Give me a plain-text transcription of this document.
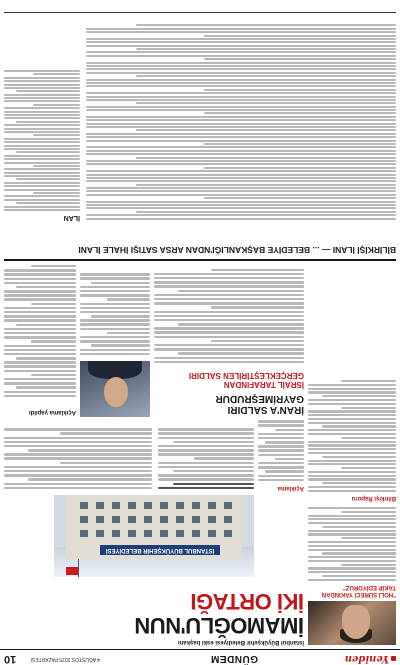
Yeniden
GÜNDEM
4 AĞUSTOS 2025 PAZARTESİ
10
"HOLİ SÜRECİ YAKINDAN TAKİP EDİYORUZ"
Bilirkişi Raporu
İstanbul Büyükşehir Belediyesi eski başkanı
İMAMOĞLU'NUN
İKİ ORTAĞI
İSTANBUL BÜYÜKŞEHİR BELEDİYESİ
Açıklama
İRAN'A SALDIRI GAYRİMEŞRUDUR
İSRAİL TARAFINDAN GERÇEKLEŞTİRİLEN SALDIRI
Açıklama yapıldı
BİLİRKİŞİ İLANI — ... BELEDİYE BAŞKANLIĞI'NDAN ARSA SATIŞI İHALE İLANI
İLAN
